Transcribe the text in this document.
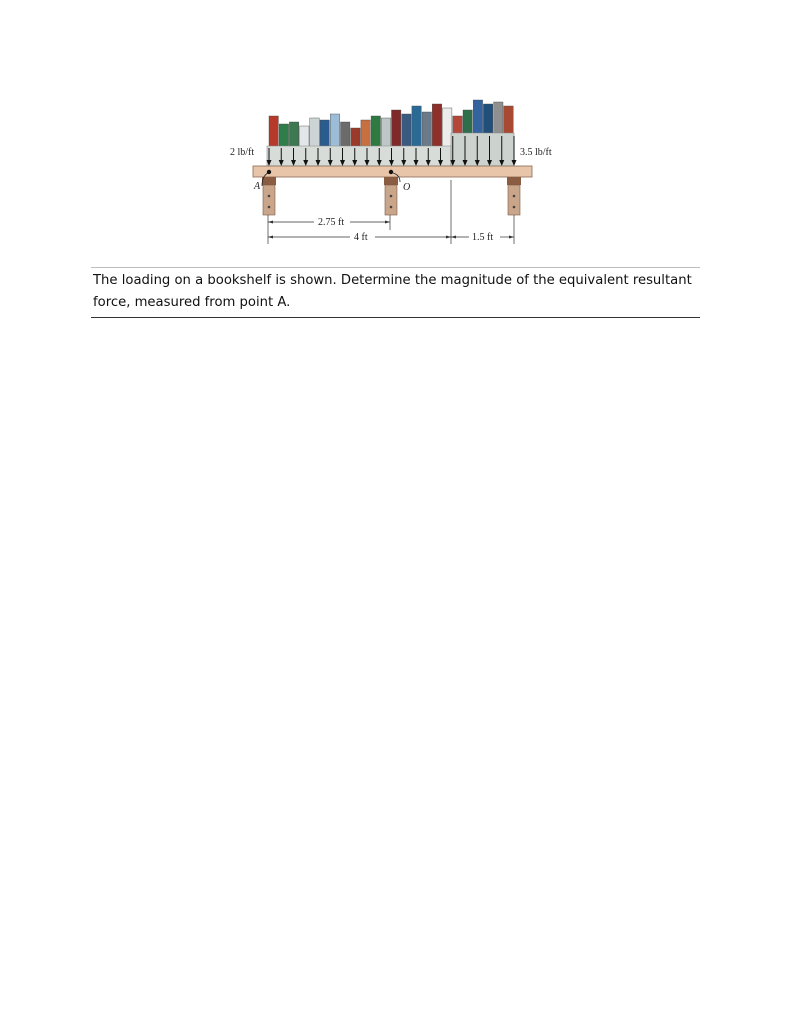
2 lb/ft	3.5 lb/ft
A	O
2.75 ft
4 ft	1.5 ft
The loading on a bookshelf is shown. Determine the magnitude of the equivalent resultant force, measured from point A.
